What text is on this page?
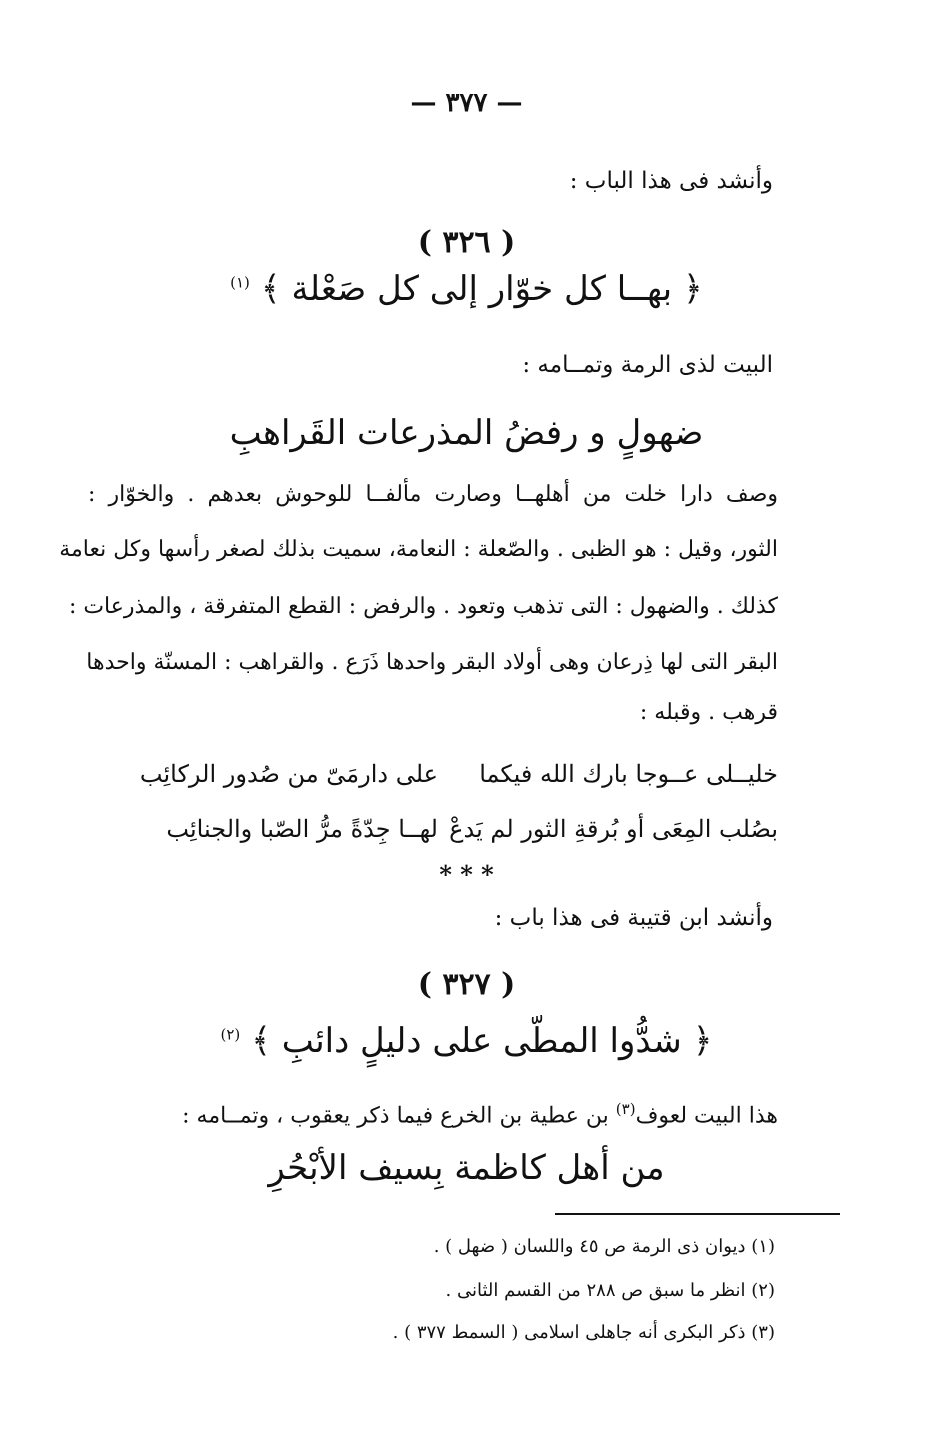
— ٣٧٧ —
وأنشد فى هذا الباب :
( ٣٢٦ )
﴿ بهــا كل خوّار إلى كل صَعْلة ﴾ $^{(١)}$
البيت لذى الرمة وتمــامه :
ضهولٍ و رفضُ المذرعات القَراهبِ
وصف دارا خلت من أهلهــا وصارت مألفــا للوحوش بعدهم . والخوّار :
الثور، وقيل : هو الظبى . والصّعلة : النعامة، سميت بذلك لصغر رأسها وكل نعامة
كذلك . والضهول : التى تذهب وتعود . والرفض : القطع المتفرقة ، والمذرعات :
البقر التى لها ذِرعان وهى أولاد البقر واحدها ذَرَع . والقراهب : المسنّة واحدها
قرهب . وقبله :
خليــلى عــوجا بارك الله فيكما
على دارمَىّ من صُدور الركائِب
بصُلب المِعَى أو بُرقةِ الثور لم يَدعْ
لهــا جِدّةً مرُّ الصّبا والجنائِب
* * *
وأنشد ابن قتيبة فى هذا باب :
( ٣٢٧ )
﴿ شدُّوا المطّى على دليلٍ دائبِ ﴾ $^{(٢)}$
هذا البيت لعوف$^{(٣)}$ بن عطية بن الخرع فيما ذكر يعقوب ، وتمــامه :
من أهل كاظمة بِسيف الأبْحُرِ
(١) ديوان ذى الرمة ص ٤٥ واللسان ( ضهل ) .
(٢) انظر ما سبق ص ٢٨٨ من القسم الثانى .
(٣) ذكر البكرى أنه جاهلى اسلامى ( السمط ٣٧٧ ) .
